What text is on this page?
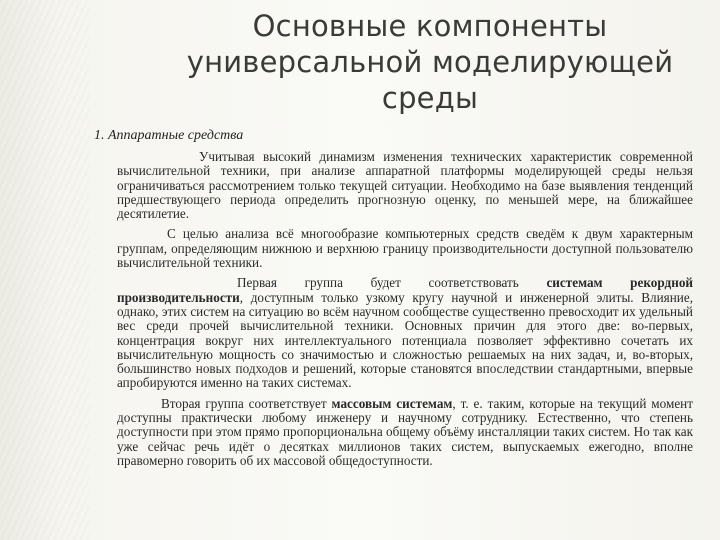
Основные компоненты
универсальной моделирующей
среды
1. Аппаратные средства

Учитывая высокий динамизм изменения технических характеристик современной вычислительной техники, при анализе аппаратной платформы моделирующей среды нельзя ограничиваться рассмотрением только текущей ситуации. Необходимо на базе выявления тенденций предшествующего периода определить прогнозную оценку, по меньшей мере, на ближайшее десятилетие.

С целью анализа всё многообразие компьютерных средств сведём к двум характерным группам, определяющим нижнюю и верхнюю границу производительности доступной пользователю вычислительной техники.

Первая группа будет соответствовать системам рекордной производительности, доступным только узкому кругу научной и инженерной элиты. Влияние, однако, этих систем на ситуацию во всём научном сообществе существенно превосходит их удельный вес среди прочей вычислительной техники. Основных причин для этого две: во-первых, концентрация вокруг них интеллектуального потенциала позволяет эффективно сочетать их вычислительную мощность со значимостью и сложностью решаемых на них задач, и, во-вторых, большинство новых подходов и решений, которые становятся впоследствии стандартными, впервые апробируются именно на таких системах.

Вторая группа соответствует массовым системам, т. е. таким, которые на текущий момент доступны практически любому инженеру и научному сотруднику. Естественно, что степень доступности при этом прямо пропорциональна общему объёму инсталляции таких систем. Но так как уже сейчас речь идёт о десятках миллионов таких систем, выпускаемых ежегодно, вполне правомерно говорить об их массовой общедоступности.
